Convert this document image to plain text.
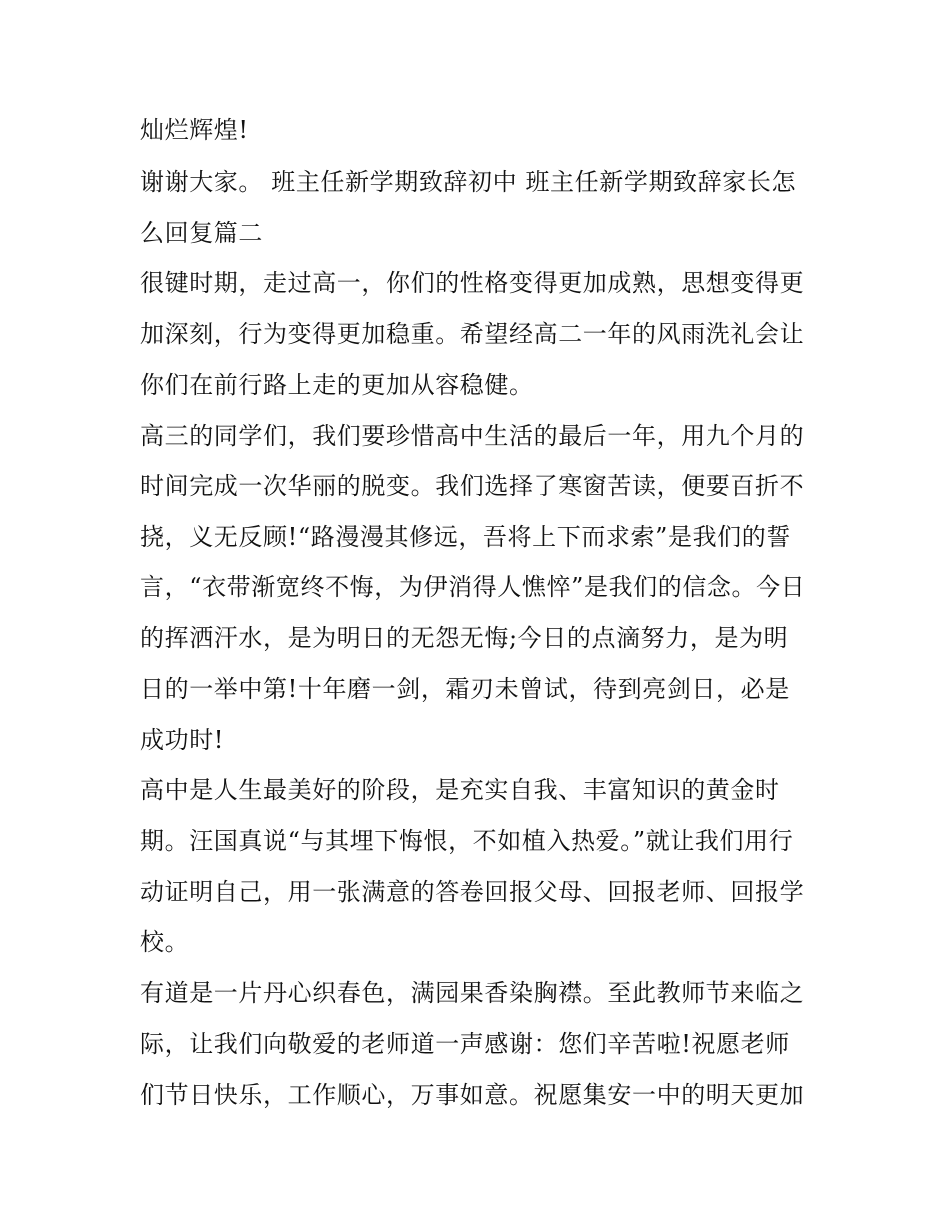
灿烂辉煌!

谢谢大家。 班主任新学期致辞初中 班主任新学期致辞家长怎

么回复篇二

很键时期，走过高一，你们的性格变得更加成熟，思想变得更

加深刻，行为变得更加稳重。希望经高二一年的风雨洗礼会让

你们在前行路上走的更加从容稳健。

高三的同学们，我们要珍惜高中生活的最后一年，用九个月的

时间完成一次华丽的脱变。我们选择了寒窗苦读，便要百折不

挠，义无反顾!“路漫漫其修远，吾将上下而求索”是我们的誓

言，“衣带渐宽终不悔，为伊消得人憔悴”是我们的信念。今日

的挥洒汗水，是为明日的无怨无悔;今日的点滴努力，是为明

日的一举中第!十年磨一剑，霜刃未曾试，待到亮剑日，必是

成功时!

高中是人生最美好的阶段，是充实自我、丰富知识的黄金时

期。汪国真说“与其埋下悔恨，不如植入热爱。”就让我们用行

动证明自己，用一张满意的答卷回报父母、回报老师、回报学

校。

有道是一片丹心织春色，满园果香染胸襟。至此教师节来临之

际，让我们向敬爱的老师道一声感谢：您们辛苦啦!祝愿老师

们节日快乐，工作顺心，万事如意。祝愿集安一中的明天更加
